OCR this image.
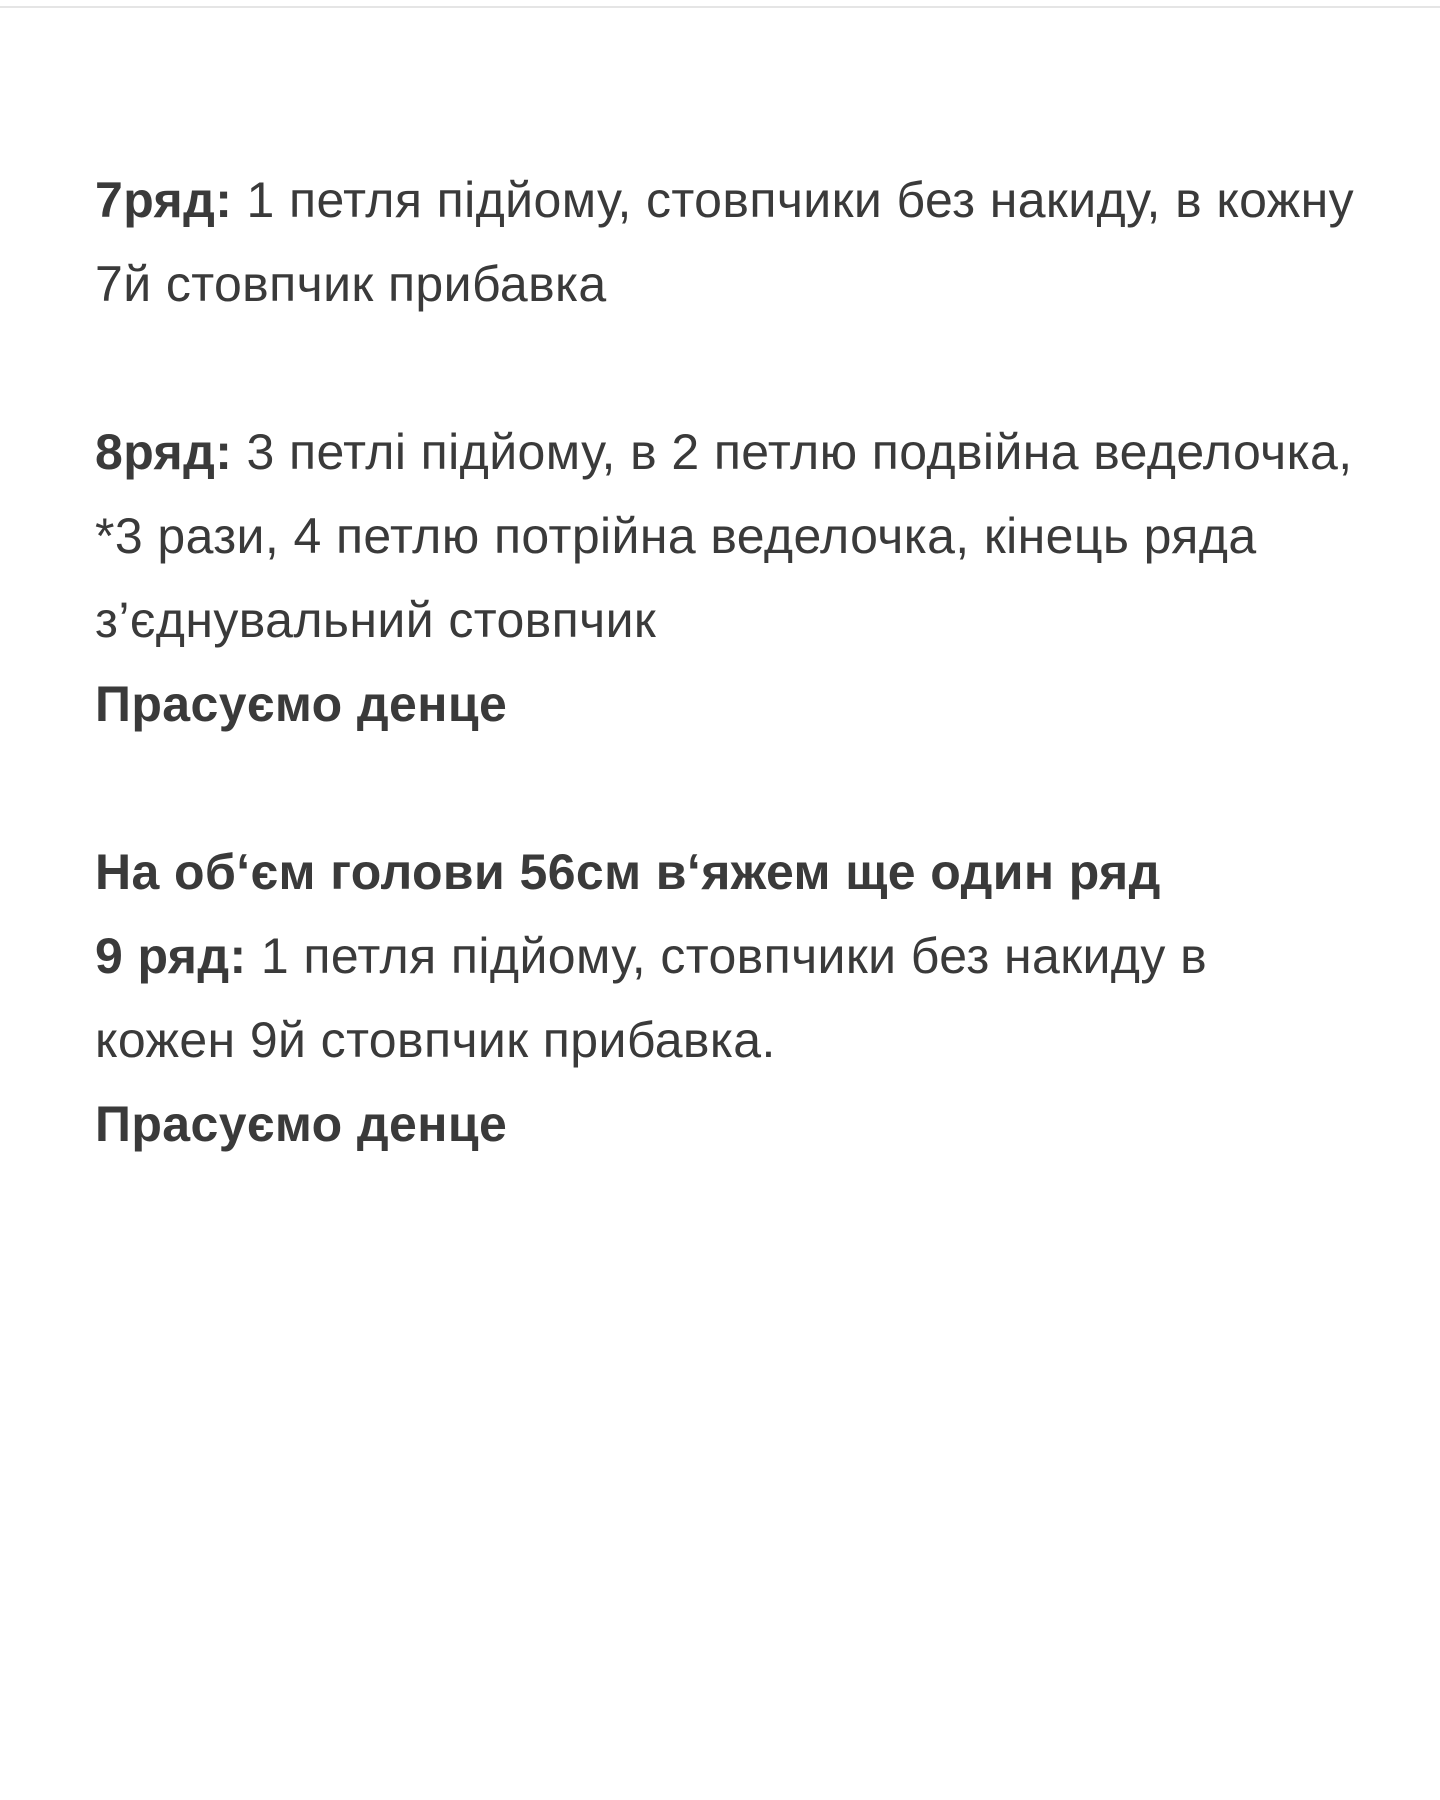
7ряд: 1 петля підйому, стовпчики без накиду, в кожну 7й стовпчик прибавка

8ряд: 3 петлі підйому, в 2 петлю подвійна веделочка, *3 рази, 4 петлю потрійна веделочка, кінець ряда з’єднувальний стовпчик

Прасуємо денце

На об‘єм голови 56см в‘яжем ще один ряд

9 ряд: 1 петля підйому, стовпчики без накиду в кожен 9й стовпчик прибавка.

Прасуємо денце
